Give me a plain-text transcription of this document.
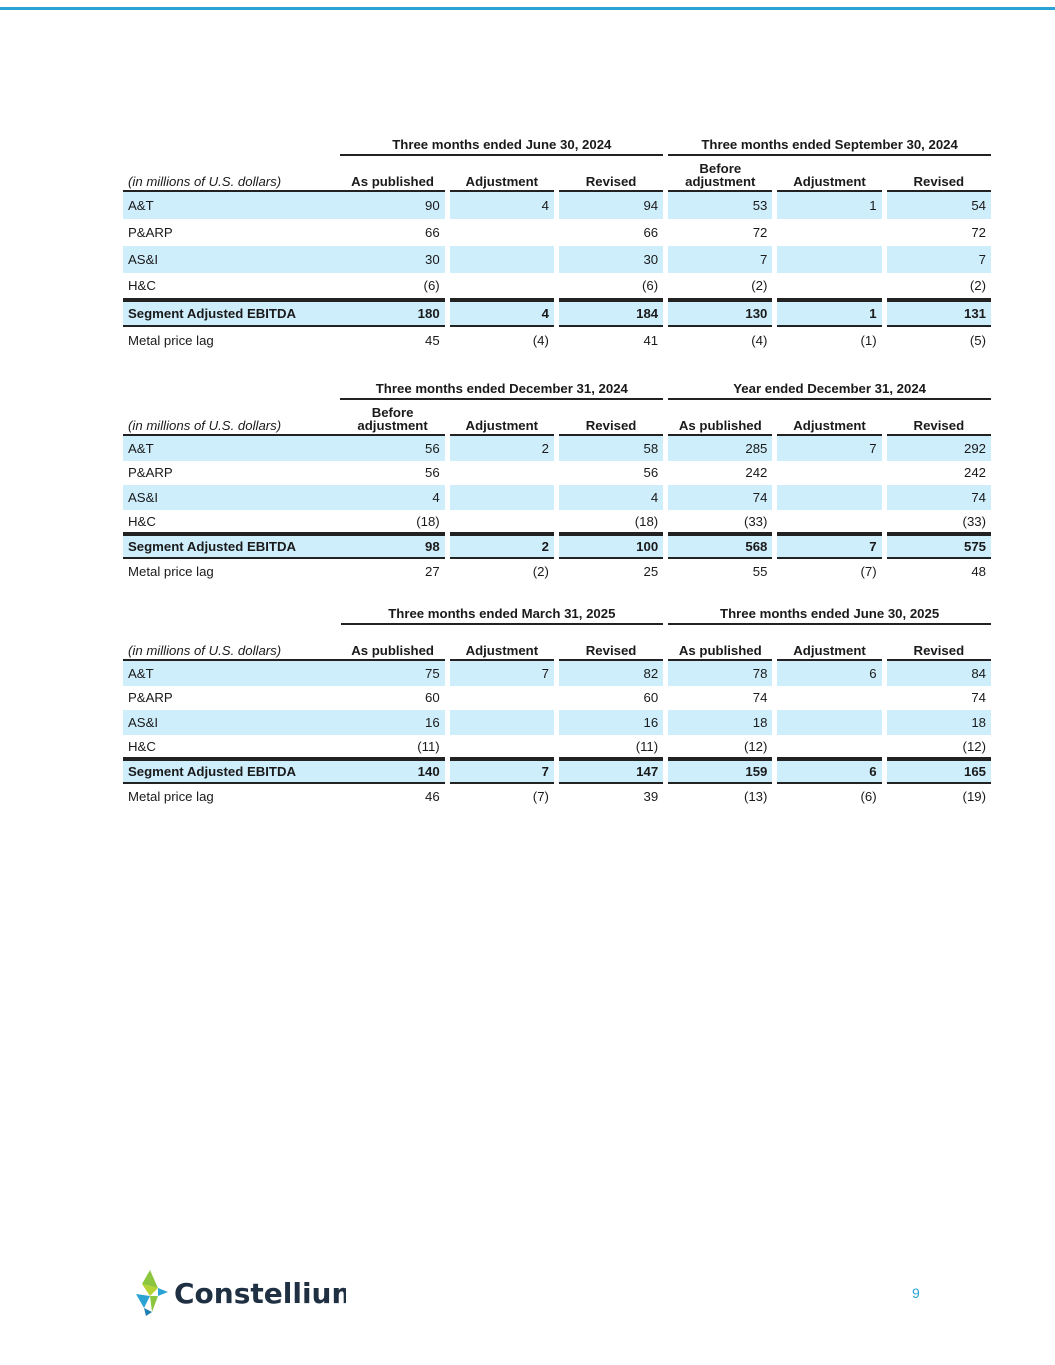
	Three months ended June 30, 2024						Three months ended September 30, 2024				
(in millions of U.S. dollars)	As published		Adjustment		Revised		Before
adjustment		Adjustment		Revised
A&T	90		4		94		53		1		54
P&ARP	66				66		72				72
AS&I	30				30		7				7
H&C	(6)				(6)		(2)				(2)
Segment Adjusted EBITDA	180		4		184		130		1		131
Metal price lag	45		(4)		41		(4)		(1)		(5)
	Three months ended December 31, 2024						Year ended December 31, 2024				
(in millions of U.S. dollars)	Before
adjustment		Adjustment		Revised		As published		Adjustment		Revised
A&T	56		2		58		285		7		292
P&ARP	56				56		242				242
AS&I	4				4		74				74
H&C	(18)				(18)		(33)				(33)
Segment Adjusted EBITDA	98		2		100		568		7		575
Metal price lag	27		(2)		25		55		(7)		48
	Three months ended March 31, 2025						Three months ended June 30, 2025				
(in millions of U.S. dollars)	As published		Adjustment		Revised		As published		Adjustment		Revised
A&T	75		7		82		78		6		84
P&ARP	60				60		74				74
AS&I	16				16		18				18
H&C	(11)				(11)		(12)				(12)
Segment Adjusted EBITDA	140		7		147		159		6		165
Metal price lag	46		(7)		39		(13)		(6)		(19)
Constellium	9
